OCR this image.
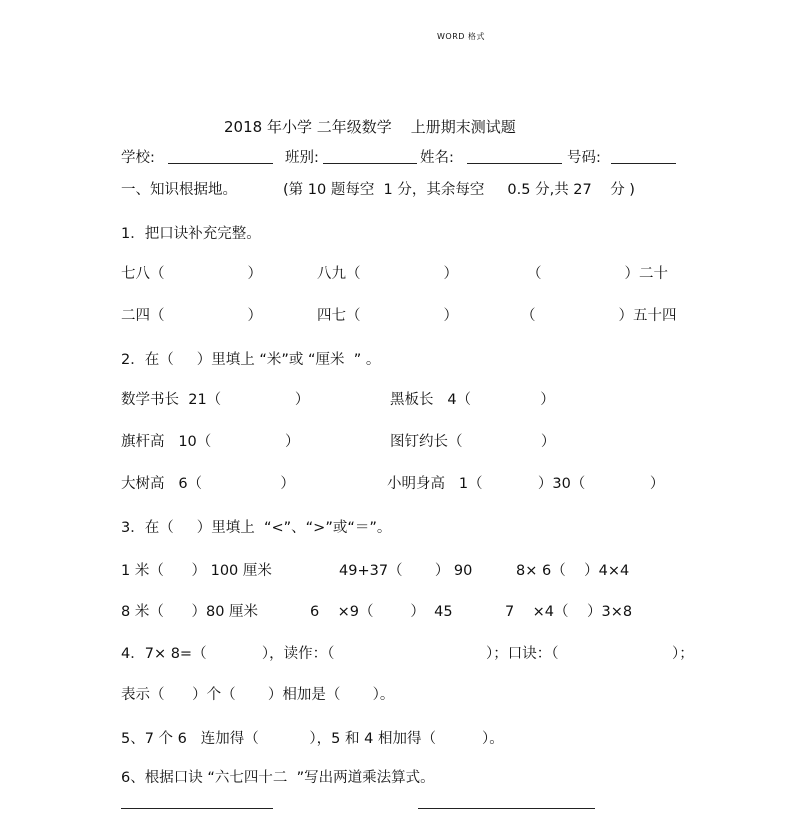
WORD 格式
2018 年小学 二年级数学    上册期末测试题
学校:	班别:	姓名:	号码:
一、知识根据地。	(第 10 题每空  1 分，其余每空     0.5 分,共 27    分 )
1．把口诀补充完整。
七八（                  ）	八九（                  ）	（                  ）二十
二四（                  ）	四七（                  ）	（                  ）五十四
2．在（     ）里填上 “米”或 “厘米  ” 。
数学书长  21（                ）	黑板长   4（               ）
旗杆高   10（                ）	图钉约长（                 ）
大树高   6（                 ）	小明身高   1（            ）30（              ）
3．在（     ）里填上  “<”、“>”或“＝”。
1 米（      ） 100 厘米	49+37（       ） 90	8× 6（    ）4×4
8 米（      ）80 厘米	6    ×9（        ）  45	7    ×4（    ）3×8
4．7× 8=（            ），读作：（	）；口诀：（	）；
表示（      ）个（       ）相加是（       ）。
5、7 个 6   连加得（           ），5 和 4 相加得（          ）。
6、根据口诀 “六七四十二  ”写出两道乘法算式。
